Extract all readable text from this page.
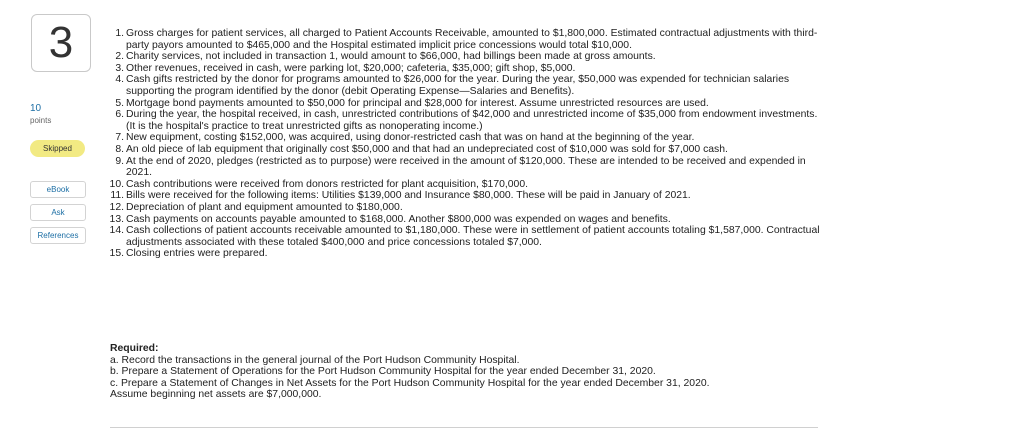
3
10
points
Skipped
eBook
Ask
References
1. Gross charges for patient services, all charged to Patient Accounts Receivable, amounted to $1,800,000. Estimated contractual adjustments with third-party payors amounted to $465,000 and the Hospital estimated implicit price concessions would total $10,000.
2. Charity services, not included in transaction 1, would amount to $66,000, had billings been made at gross amounts.
3. Other revenues, received in cash, were parking lot, $20,000; cafeteria, $35,000; gift shop, $5,000.
4. Cash gifts restricted by the donor for programs amounted to $26,000 for the year. During the year, $50,000 was expended for technician salaries supporting the program identified by the donor (debit Operating Expense—Salaries and Benefits).
5. Mortgage bond payments amounted to $50,000 for principal and $28,000 for interest. Assume unrestricted resources are used.
6. During the year, the hospital received, in cash, unrestricted contributions of $42,000 and unrestricted income of $35,000 from endowment investments. (It is the hospital's practice to treat unrestricted gifts as nonoperating income.)
7. New equipment, costing $152,000, was acquired, using donor-restricted cash that was on hand at the beginning of the year.
8. An old piece of lab equipment that originally cost $50,000 and that had an undepreciated cost of $10,000 was sold for $7,000 cash.
9. At the end of 2020, pledges (restricted as to purpose) were received in the amount of $120,000. These are intended to be received and expended in 2021.
10. Cash contributions were received from donors restricted for plant acquisition, $170,000.
11. Bills were received for the following items: Utilities $139,000 and Insurance $80,000. These will be paid in January of 2021.
12. Depreciation of plant and equipment amounted to $180,000.
13. Cash payments on accounts payable amounted to $168,000. Another $800,000 was expended on wages and benefits.
14. Cash collections of patient accounts receivable amounted to $1,180,000. These were in settlement of patient accounts totaling $1,587,000. Contractual adjustments associated with these totaled $400,000 and price concessions totaled $7,000.
15. Closing entries were prepared.
Required:
a. Record the transactions in the general journal of the Port Hudson Community Hospital.
b. Prepare a Statement of Operations for the Port Hudson Community Hospital for the year ended December 31, 2020.
c. Prepare a Statement of Changes in Net Assets for the Port Hudson Community Hospital for the year ended December 31, 2020.
Assume beginning net assets are $7,000,000.
